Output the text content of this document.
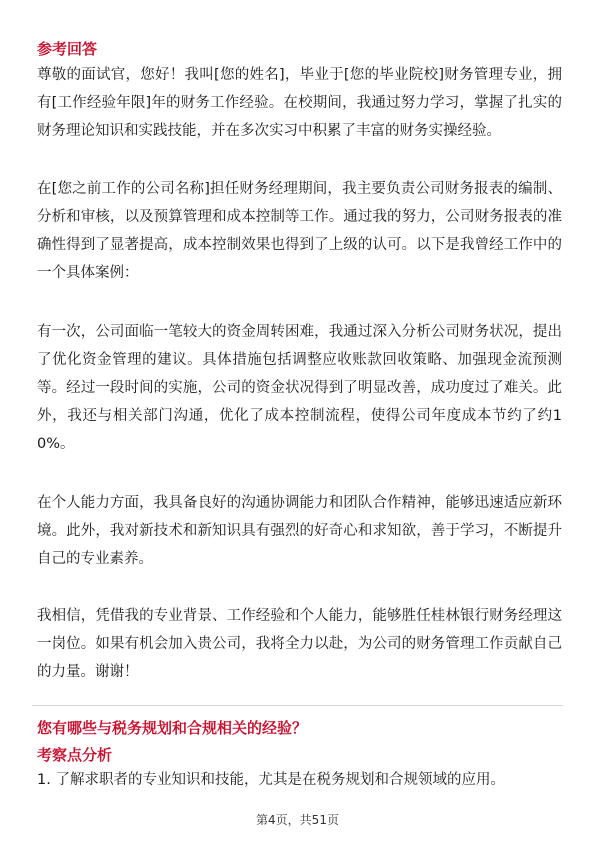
参考回答

尊敬的面试官，您好！我叫[您的姓名]，毕业于[您的毕业院校]财务管理专业，拥有[工作经验年限]年的财务工作经验。在校期间，我通过努力学习，掌握了扎实的财务理论知识和实践技能，并在多次实习中积累了丰富的财务实操经验。

在[您之前工作的公司名称]担任财务经理期间，我主要负责公司财务报表的编制、分析和审核，以及预算管理和成本控制等工作。通过我的努力，公司财务报表的准确性得到了显著提高，成本控制效果也得到了上级的认可。以下是我曾经工作中的一个具体案例：

有一次，公司面临一笔较大的资金周转困难，我通过深入分析公司财务状况，提出了优化资金管理的建议。具体措施包括调整应收账款回收策略、加强现金流预测等。经过一段时间的实施，公司的资金状况得到了明显改善，成功度过了难关。此外，我还与相关部门沟通，优化了成本控制流程，使得公司年度成本节约了约10%。

在个人能力方面，我具备良好的沟通协调能力和团队合作精神，能够迅速适应新环境。此外，我对新技术和新知识具有强烈的好奇心和求知欲，善于学习，不断提升自己的专业素养。

我相信，凭借我的专业背景、工作经验和个人能力，能够胜任桂林银行财务经理这一岗位。如果有机会加入贵公司，我将全力以赴，为公司的财务管理工作贡献自己的力量。谢谢！

您有哪些与税务规划和合规相关的经验？
考察点分析

1. 了解求职者的专业知识和技能，尤其是在税务规划和合规领域的应用。

第4页，共51页
